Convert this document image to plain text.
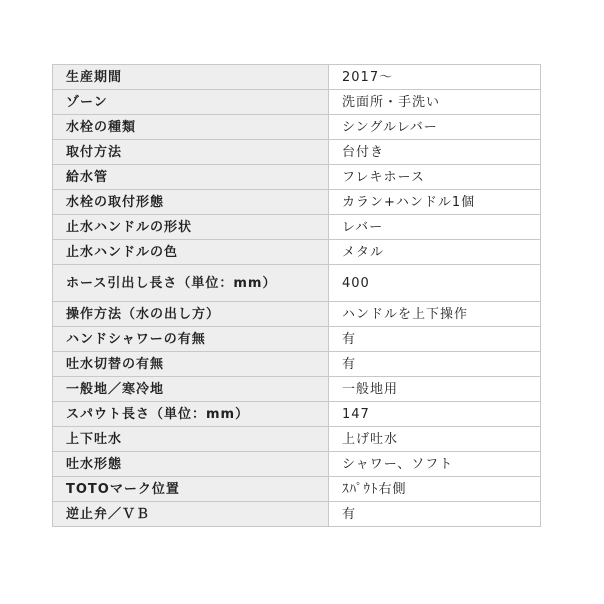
生産期間	2017～
ゾーン	洗面所・手洗い
水栓の種類	シングルレバー
取付方法	台付き
給水管	フレキホース
水栓の取付形態	カラン+ハンドル1個
止水ハンドルの形状	レバー
止水ハンドルの色	メタル
ホース引出し長さ（単位：mm）	400
操作方法（水の出し方）	ハンドルを上下操作
ハンドシャワーの有無	有
吐水切替の有無	有
一般地／寒冷地	一般地用
スパウト長さ（単位：mm）	147
上下吐水	上げ吐水
吐水形態	シャワー、ソフト
TOTOマーク位置	ｽﾊﾟｳﾄ右側
逆止弁／ＶＢ	有
